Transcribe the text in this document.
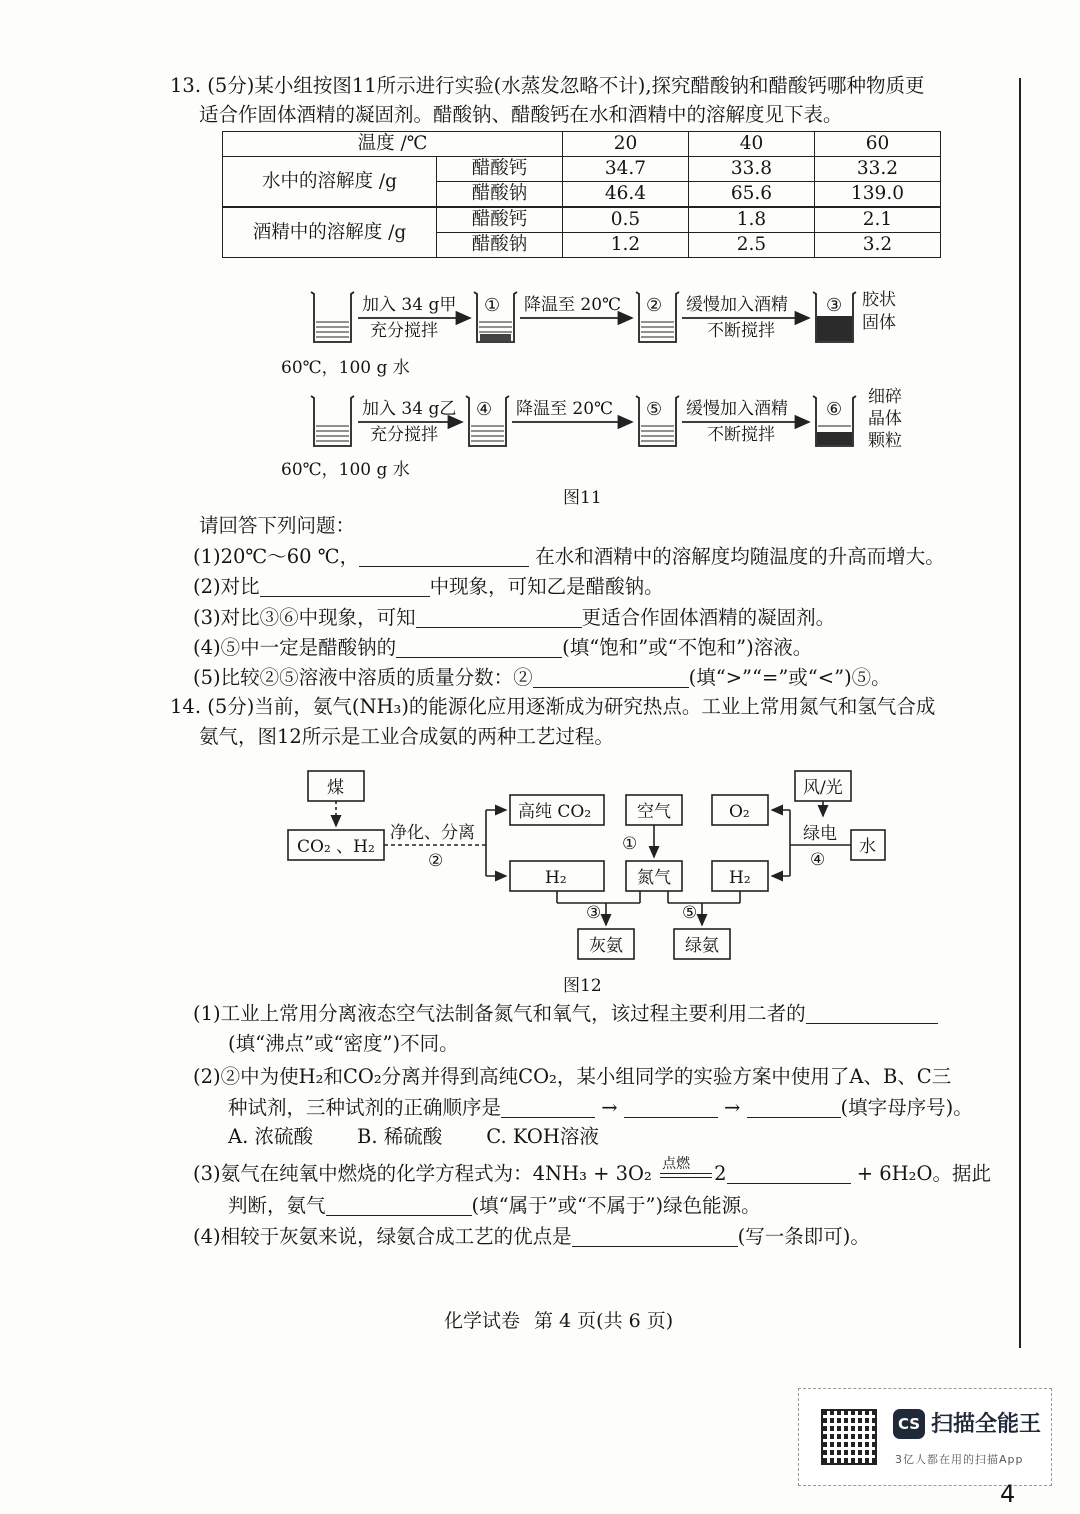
13. (5分)某小组按图11所示进行实验(水蒸发忽略不计),探究醋酸钠和醋酸钙哪种物质更
适合作固体酒精的凝固剂。醋酸钠、醋酸钙在水和酒精中的溶解度见下表。
温度 /℃		20	40	60
水中的溶解度 /g	醋酸钙	34.7	33.8	33.2
	醋酸钠	46.4	65.6	139.0
酒精中的溶解度 /g	醋酸钙	0.5	1.8	2.1
	醋酸钠	1.2	2.5	3.2
加入 34 g甲
充分搅拌
降温至 20℃	缓慢加入酒精
不断搅拌
胶状
固体
60℃，100 g 水
加入 34 g乙
充分搅拌
降温至 20℃	缓慢加入酒精
不断搅拌
细碎
晶体
颗粒
60℃，100 g 水
①	②	③
④	⑤	⑥
图11
请回答下列问题：
(1)20℃～60 ℃，	在水和酒精中的溶解度均随温度的升高而增大。
(2)对比	中现象，可知乙是醋酸钠。
(3)对比③⑥中现象，可知	更适合作固体酒精的凝固剂。
(4)⑤中一定是醋酸钠的	(填“饱和”或“不饱和”)溶液。
(5)比较②⑤溶液中溶质的质量分数：②	(填“>”“=”或“<”)⑤。
14. (5分)当前，氨气(NH₃)的能源化应用逐渐成为研究热点。工业上常用氮气和氢气合成
氨气，图12所示是工业合成氨的两种工艺过程。
煤
CO₂ 、H₂
净化、分离
②
高纯 CO₂
H₂
空气
①
氮气
O₂
H₂
风/光
绿电
④
水
③	⑤
灰氨	绿氨
图12
(1)工业上常用分离液态空气法制备氮气和氧气，该过程主要利用二者的
(填“沸点”或“密度”)不同。
(2)②中为使H₂和CO₂分离并得到高纯CO₂，某小组同学的实验方案中使用了A、B、C三
种试剂，三种试剂的正确顺序是	→	→	(填字母序号)。
A. 浓硫酸 B. 稀硫酸 C. KOH溶液
(3)氨气在纯氧中燃烧的化学方程式为：4NH₃ + 3O₂ 点燃 2	+ 6H₂O。据此
判断，氨气	(填“属于”或“不属于”)绿色能源。
(4)相较于灰氨来说，绿氨合成工艺的优点是	(写一条即可)。
化学试卷 第 4 页(共 6 页)
CS 扫描全能王
3亿人都在用的扫描App
4
